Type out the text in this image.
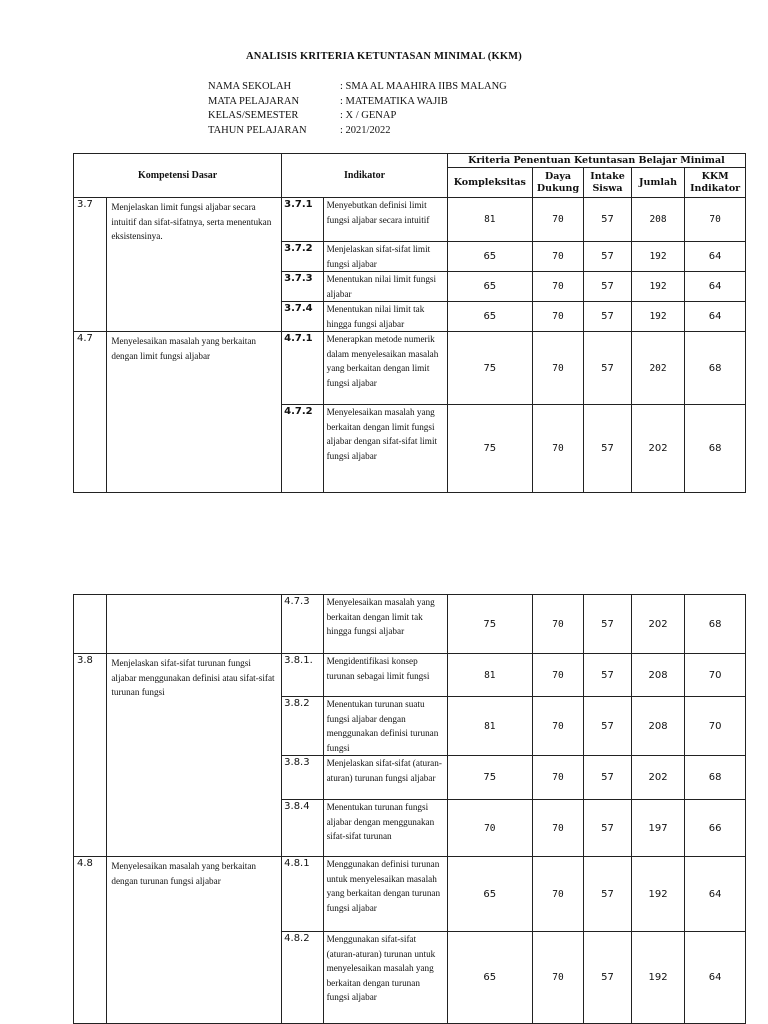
ANALISIS KRITERIA KETUNTASAN MINIMAL (KKM)
NAMA SEKOLAH	: SMA AL MAAHIRA IIBS MALANG
MATA PELAJARAN	: MATEMATIKA WAJIB
KELAS/SEMESTER	: X / GENAP
TAHUN PELAJARAN	: 2021/2022
Kompetensi Dasar		Indikator		Kriteria Penentuan Ketuntasan Belajar Minimal				
				Kompleksitas	Daya Dukung	Intake Siswa	Jumlah	KKM Indikator
3.7	Menjelaskan limit fungsi aljabar secara intuitif dan sifat-sifatnya, serta menentukan eksistensinya.	3.7.1	Menyebutkan definisi limit fungsi aljabar secara intuitif	81	70	57	208	70
		3.7.2	Menjelaskan sifat-sifat limit fungsi aljabar	65	70	57	192	64
		3.7.3	Menentukan nilai limit fungsi aljabar	65	70	57	192	64
		3.7.4	Menentukan nilai limit tak hingga fungsi aljabar	65	70	57	192	64
4.7	Menyelesaikan masalah yang berkaitan dengan limit fungsi aljabar	4.7.1	Menerapkan metode numerik dalam menyelesaikan masalah yang berkaitan dengan limit fungsi aljabar	75	70	57	202	68
		4.7.2	Menyelesaikan masalah yang berkaitan dengan limit fungsi aljabar dengan sifat-sifat limit fungsi aljabar	75	70	57	202	68
		4.7.3	Menyelesaikan masalah yang berkaitan dengan limit tak hingga fungsi aljabar	75	70	57	202	68
3.8	Menjelaskan sifat-sifat turunan fungsi aljabar menggunakan definisi atau sifat-sifat turunan fungsi	3.8.1.	Mengidentifikasi konsep turunan sebagai limit fungsi	81	70	57	208	70
		3.8.2	Menentukan turunan suatu fungsi aljabar dengan menggunakan definisi turunan fungsi	81	70	57	208	70
		3.8.3	Menjelaskan sifat-sifat (aturan-aturan) turunan fungsi aljabar	75	70	57	202	68
		3.8.4	Menentukan turunan fungsi aljabar dengan menggunakan sifat-sifat turunan	70	70	57	197	66
4.8	Menyelesaikan masalah yang berkaitan dengan turunan fungsi aljabar	4.8.1	Menggunakan definisi turunan untuk menyelesaikan masalah yang berkaitan dengan turunan fungsi aljabar	65	70	57	192	64
		4.8.2	Menggunakan sifat-sifat (aturan-aturan) turunan untuk menyelesaikan masalah yang berkaitan dengan turunan fungsi aljabar	65	70	57	192	64
